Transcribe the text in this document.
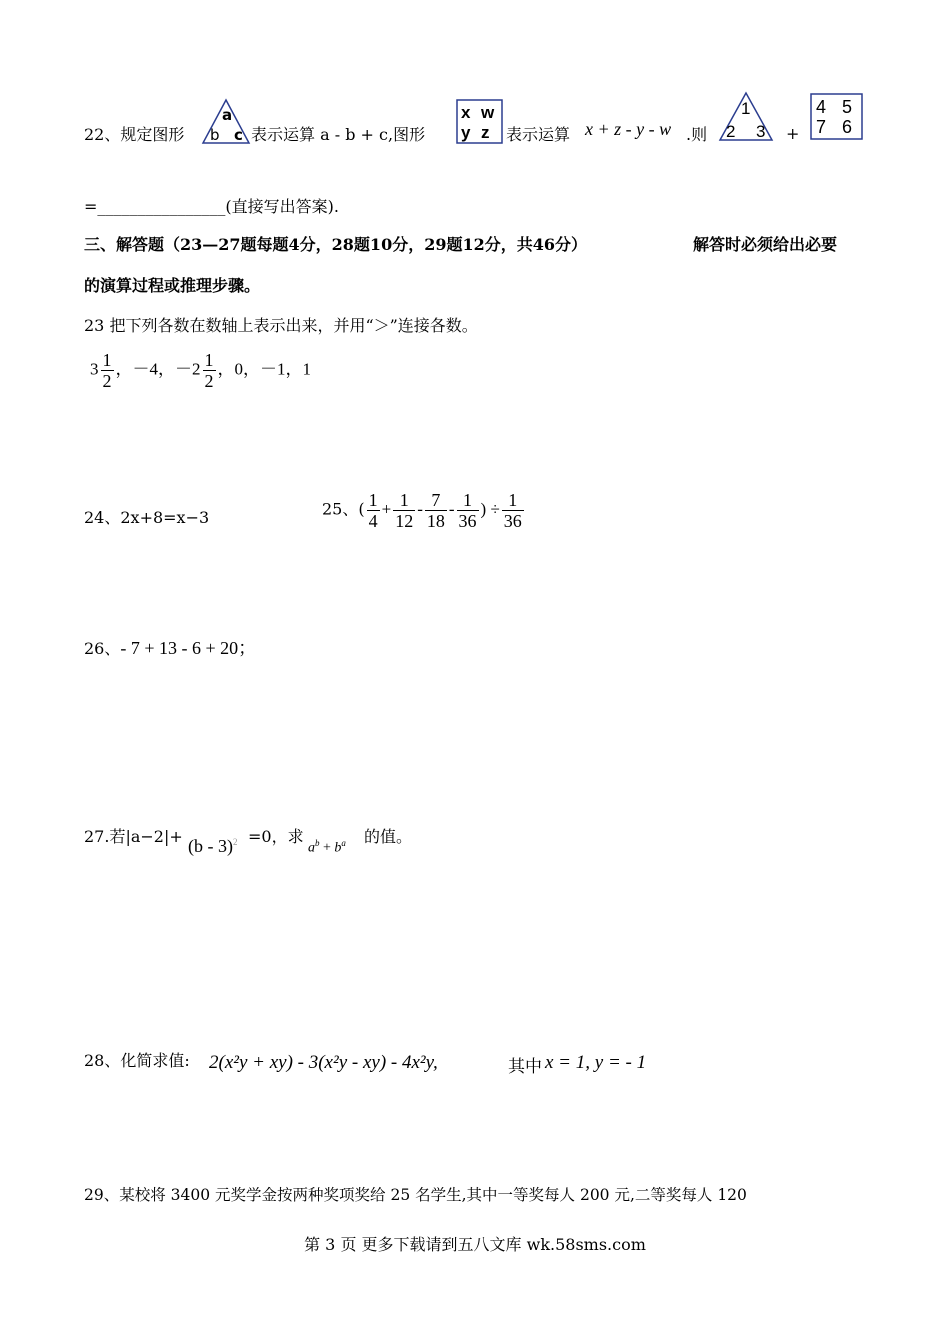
22、规定图形
a
b c 表示运算 a - b + c,图形
x w
y z 表示运算 x + z - y - w .则
1
2 3 +
4 5
7 6
=________________(直接写出答案).
三、解答题（23—27题每题4分，28题10分，29题12分，共46分）	解答时必须给出必要
的演算过程或推理步骤。
23 把下列各数在数轴上表示出来，并用“＞”连接各数。
$3 \frac{1}{2}$ ，－4，$-2 \frac{1}{2}$ ，0，－1，1
24、2x+8=x−3	25、( $\frac{1}{4} + \frac{1}{12} - \frac{7}{18} - \frac{1}{36}$ ) ÷ $\frac{1}{36}$
26、- 7 + 13 - 6 + 20；
27.若|a−2|+ (b - 3)$^2$ =0，求
$a^b + b^a$ 的值。
28、化简求值: 2(x²y + xy) - 3(x²y - xy) - 4x²y,	其中 x = 1, y = - 1
29、某校将 3400 元奖学金按两种奖项奖给 25 名学生,其中一等奖每人 200 元,二等奖每人 120
第 3 页 更多下载请到五八文库 wk.58sms.com
